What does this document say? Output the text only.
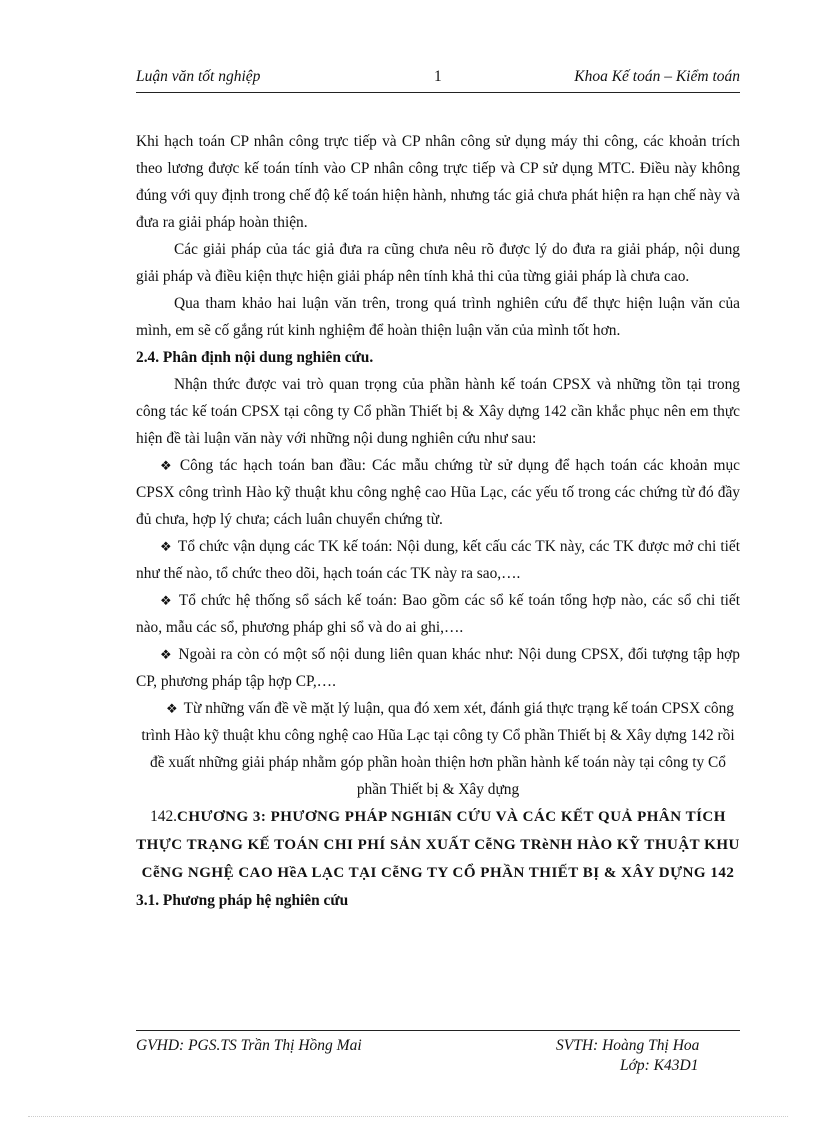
Luận văn tốt nghiệp	1	Khoa Kế toán – Kiểm toán

Khi hạch toán CP nhân công trực tiếp và CP nhân công sử dụng máy thi công, các khoản trích theo lương được kế toán tính vào CP nhân công trực tiếp và CP sử dụng MTC. Điều này không đúng với quy định trong chế độ kế toán hiện hành, nhưng tác giả chưa phát hiện ra hạn chế này và đưa ra giải pháp hoàn thiện.

Các giải pháp của tác giả đưa ra cũng chưa nêu rõ được lý do đưa ra giải pháp, nội dung giải pháp và điều kiện thực hiện giải pháp nên tính khả thi của từng giải pháp là chưa cao.

Qua tham khảo hai luận văn trên, trong quá trình nghiên cứu để thực hiện luận văn của mình, em sẽ cố gắng rút kinh nghiệm để hoàn thiện luận văn của mình tốt hơn.

2.4. Phân định nội dung nghiên cứu.

Nhận thức được vai trò quan trọng của phần hành kế toán CPSX và những tồn tại trong công tác kế toán CPSX tại công ty Cổ phần Thiết bị & Xây dựng 142 cần khắc phục nên em thực hiện đề tài luận văn này với những nội dung nghiên cứu như sau:

❖ Công tác hạch toán ban đầu: Các mẫu chứng từ sử dụng để hạch toán các khoản mục CPSX công trình Hào kỹ thuật khu công nghệ cao Hũa Lạc, các yếu tố trong các chứng từ đó đầy đủ chưa, hợp lý chưa; cách luân chuyển chứng từ.

❖ Tổ chức vận dụng các TK kế toán: Nội dung, kết cấu các TK này, các TK được mở chi tiết như thế nào, tổ chức theo dõi, hạch toán các TK này ra sao,….

❖ Tổ chức hệ thống sổ sách kế toán: Bao gồm các sổ kế toán tổng hợp nào, các sổ chi tiết nào, mẫu các sổ, phương pháp ghi sổ và do ai ghi,….

❖ Ngoài ra còn có một số nội dung liên quan khác như: Nội dung CPSX, đối tượng tập hợp CP, phương pháp tập hợp CP,….

❖ Từ những vấn đề về mặt lý luận, qua đó xem xét, đánh giá thực trạng kế toán CPSX công trình Hào kỹ thuật khu công nghệ cao Hũa Lạc tại công ty Cổ phần Thiết bị & Xây dựng 142 rồi đề xuất những giải pháp nhằm góp phần hoàn thiện hơn phần hành kế toán này tại công ty Cổ phần Thiết bị & Xây dựng

142.CHƯƠNG 3: PHƯƠNG PHÁP NGHIấN CỨU VÀ CÁC KẾT QUẢ PHÂN TÍCH THỰC TRẠNG KẾ TOÁN CHI PHÍ SẢN XUẤT CễNG TRèNH HÀO KỸ THUẬT KHU CễNG NGHỆ CAO HềA LẠC TẠI CễNG TY CỔ PHẦN THIẾT BỊ & XÂY DỰNG 142

3.1. Phương pháp hệ nghiên cứu

GVHD: PGS.TS Trần Thị Hồng Mai	SVTH: Hoàng Thị Hoa
Lớp: K43D1
